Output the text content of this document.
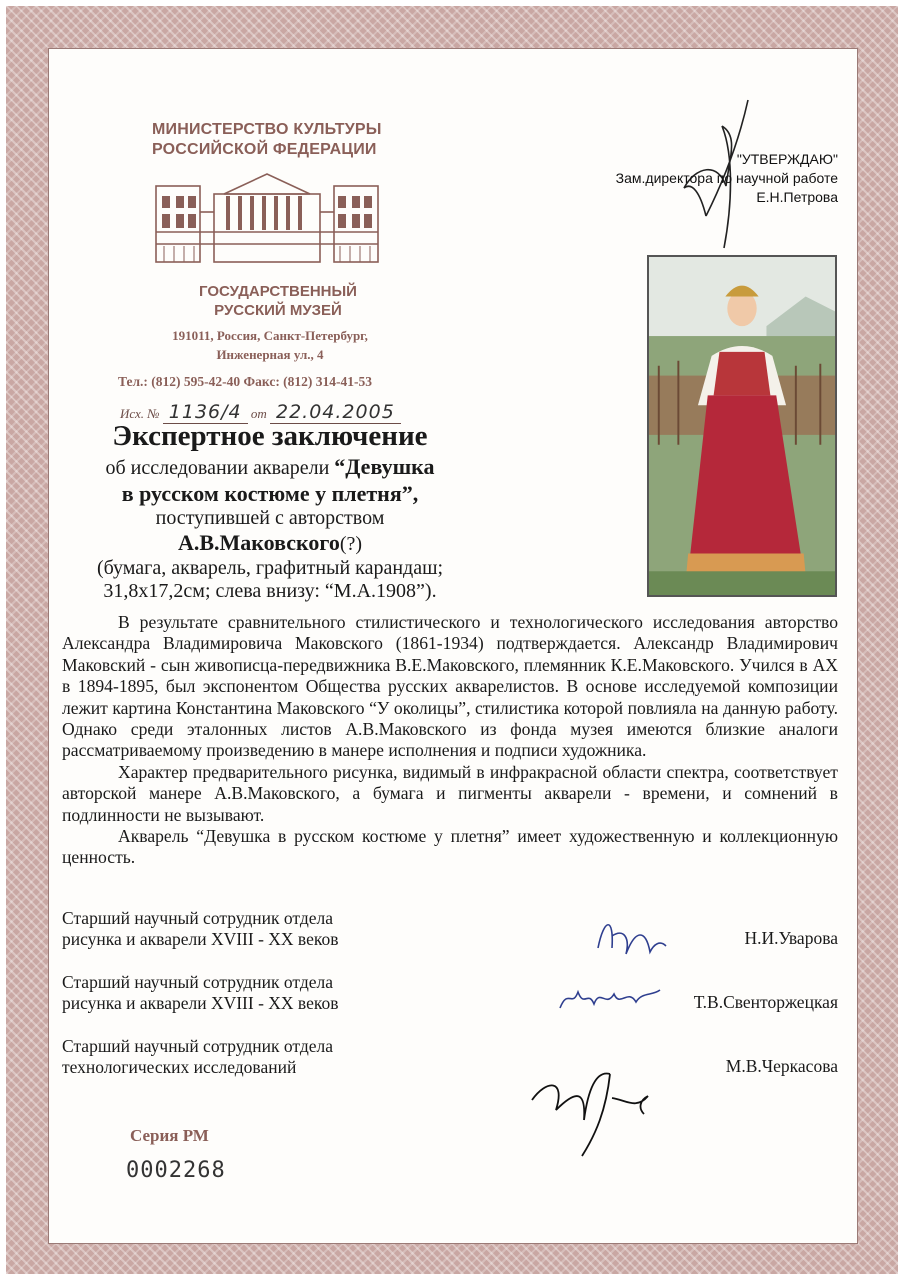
МИНИСТЕРСТВО КУЛЬТУРЫ
РОССИЙСКОЙ ФЕДЕРАЦИИ
ГОСУДАРСТВЕННЫЙ
РУССКИЙ МУЗЕЙ
191011, Россия, Санкт-Петербург,
Инженерная ул., 4
Тел.: (812) 595-42-40 Факс: (812) 314-41-53
Исх. № 1136/4 от 22.04.2005
"УТВЕРЖДАЮ"
Зам.директора по научной работе
Е.Н.Петрова
Экспертное заключение
об исследовании акварели “Девушка
в русском костюме у плетня”,
поступившей с авторством
А.В.Маковского(?)
(бумага, акварель, графитный карандаш;
31,8х17,2см; слева внизу: “М.А.1908”).

В результате сравнительного стилистического и технологического исследования авторство Александра Владимировича Маковского (1861-1934) подтверждается. Александр Владимирович Маковский - сын живописца-передвижника В.Е.Маковского, племянник К.Е.Маковского. Учился в АХ в 1894-1895, был экспонентом Общества русских акварелистов. В основе исследуемой композиции лежит картина Константина Маковского “У околицы”, стилистика которой повлияла на данную работу. Однако среди эталонных листов А.В.Маковского из фонда музея имеются близкие аналоги рассматриваемому произведению в манере исполнения и подписи художника.

Характер предварительного рисунка, видимый в инфракрасной области спектра, соответствует авторской манере А.В.Маковского, а бумага и пигменты акварели - времени, и сомнений в подлинности не вызывают.

Акварель “Девушка в русском костюме у плетня” имеет художественную и коллекционную ценность.

Старший научный сотрудник отдела
рисунка и акварели XVIII - XX веков	Н.И.Уварова
Старший научный сотрудник отдела
рисунка и акварели XVIII - XX веков	Т.В.Свенторжецкая
Старший научный сотрудник отдела
технологических исследований	М.В.Черкасова
Серия РМ
0002268
